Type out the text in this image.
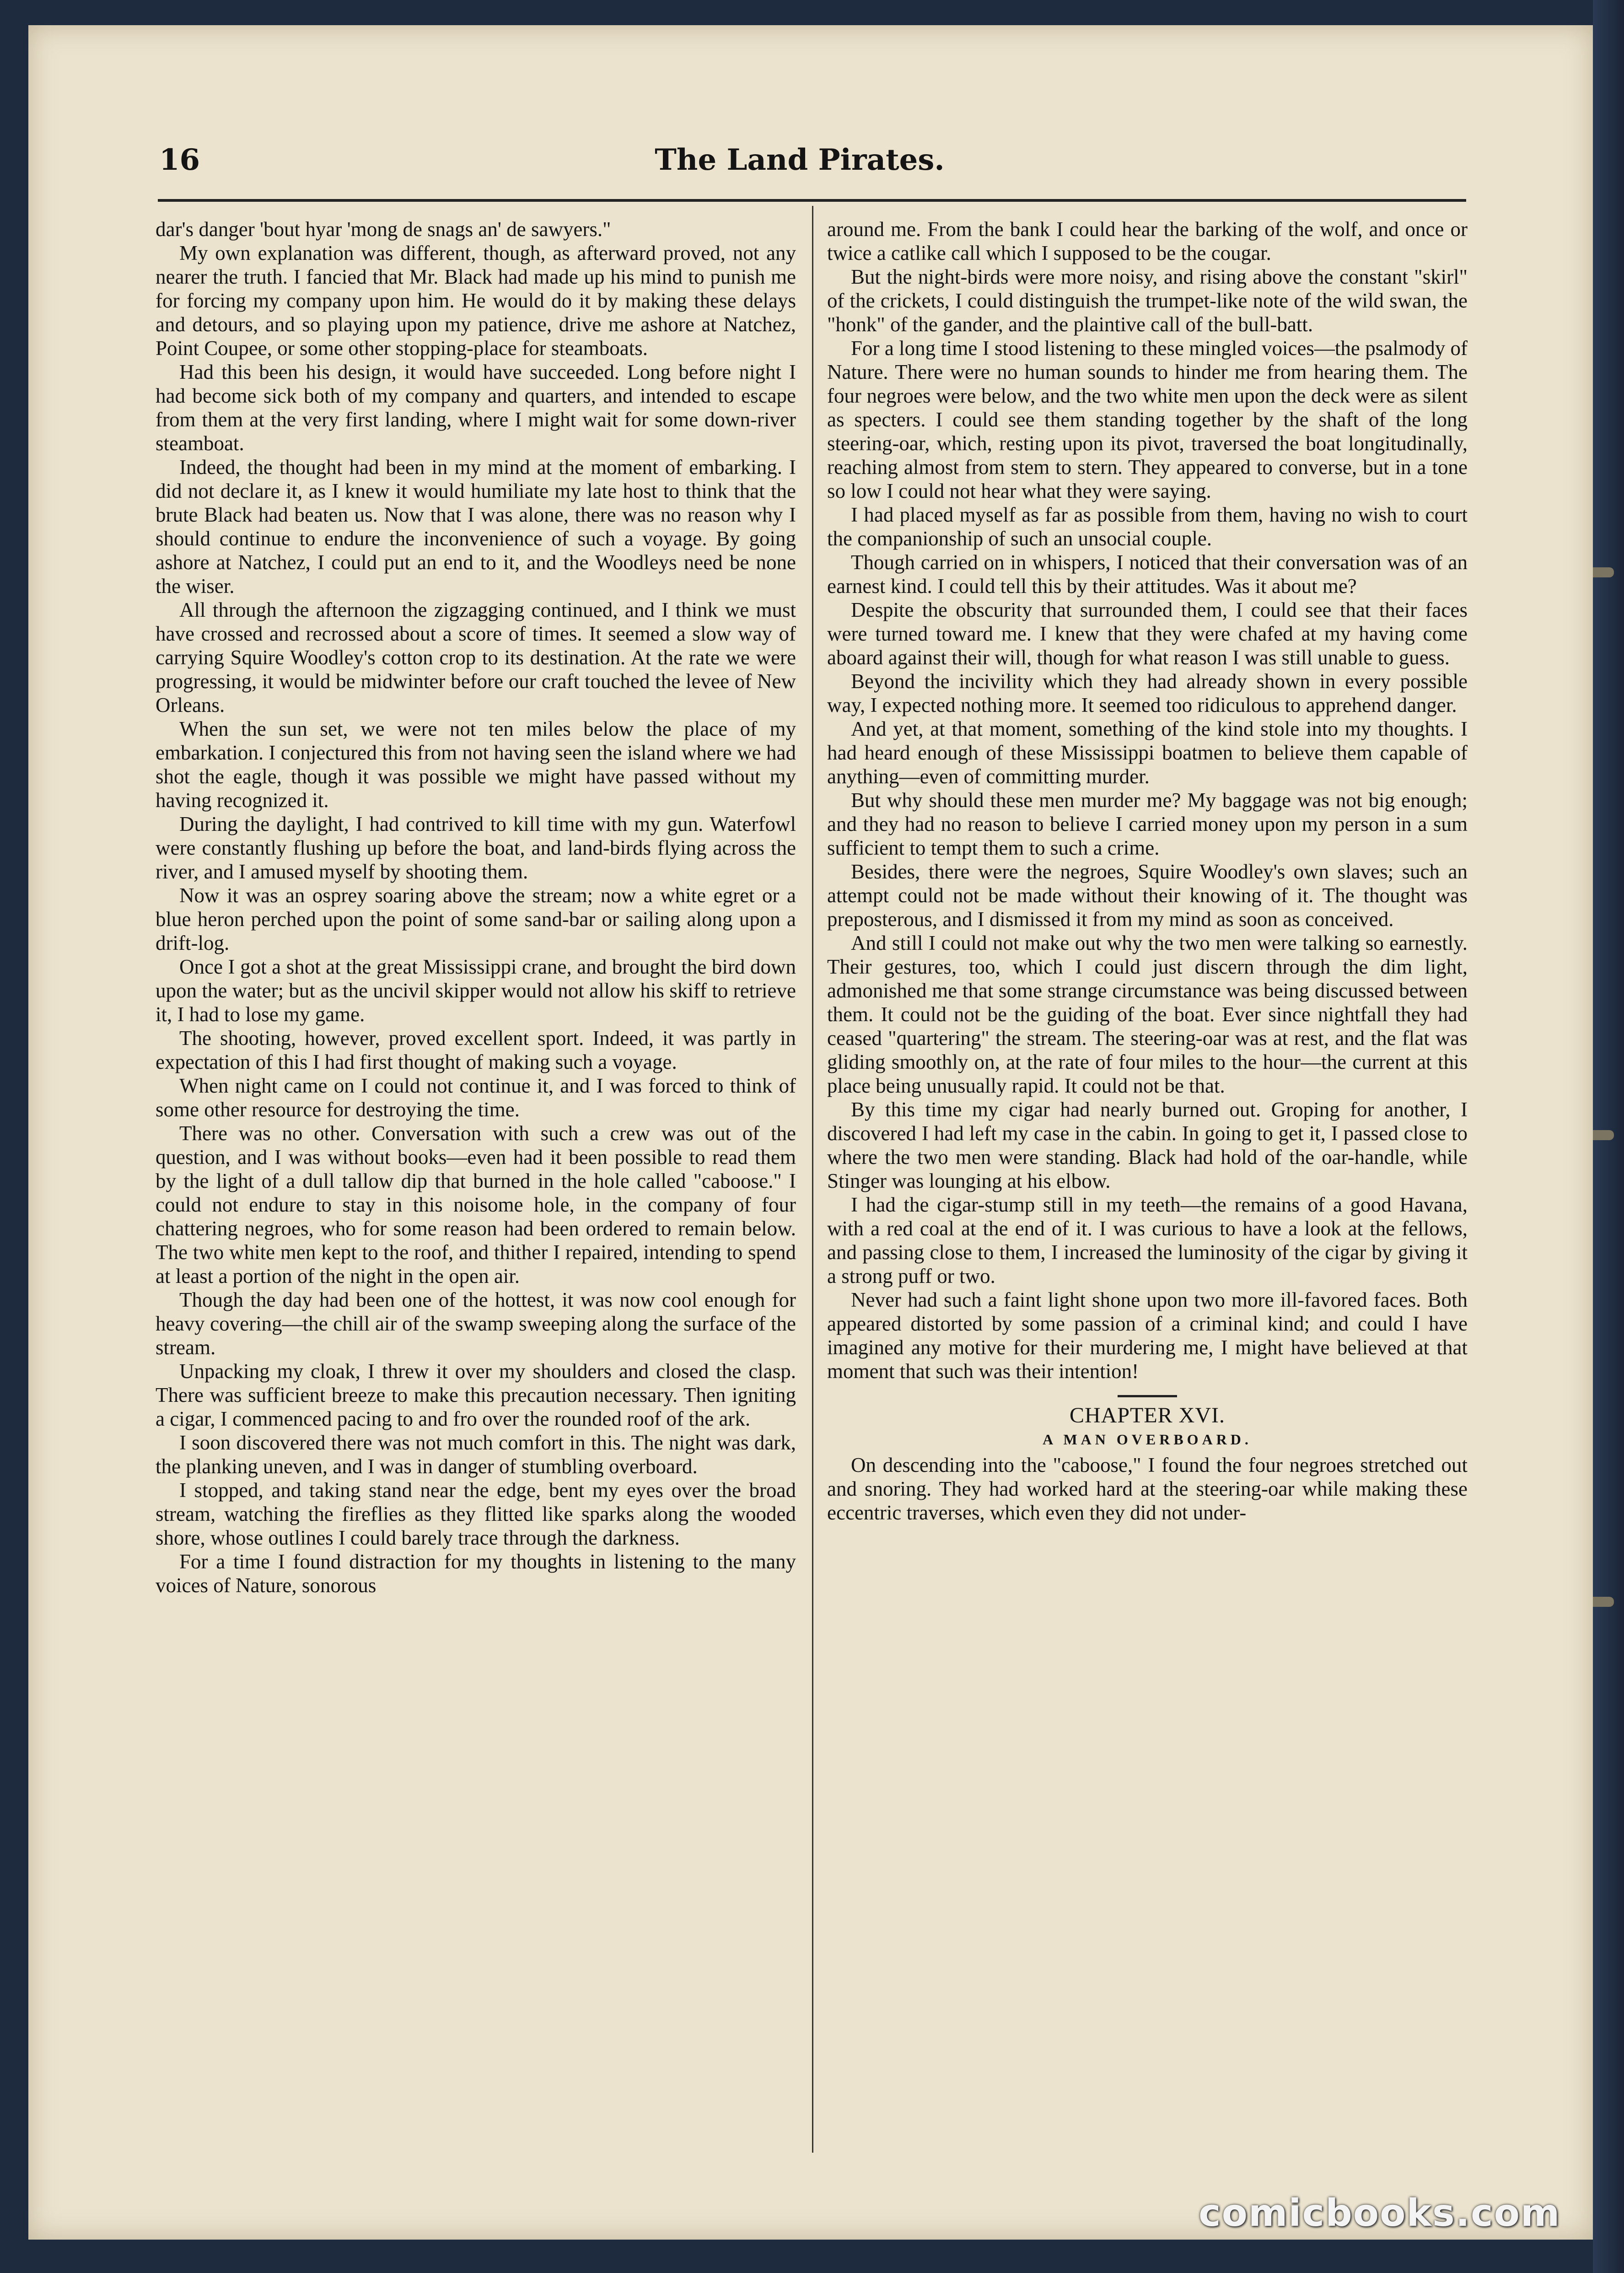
16	The Land Pirates.

dar's danger 'bout hyar 'mong de snags an' de sawyers."

My own explanation was different, though, as afterward proved, not any nearer the truth. I fancied that Mr. Black had made up his mind to punish me for forcing my company upon him. He would do it by making these delays and detours, and so playing upon my patience, drive me ashore at Natchez, Point Coupee, or some other stopping-place for steamboats.

Had this been his design, it would have succeeded. Long before night I had become sick both of my company and quarters, and intended to escape from them at the very first landing, where I might wait for some down-river steamboat.

Indeed, the thought had been in my mind at the moment of embarking. I did not declare it, as I knew it would humiliate my late host to think that the brute Black had beaten us. Now that I was alone, there was no reason why I should continue to endure the inconvenience of such a voyage. By going ashore at Natchez, I could put an end to it, and the Woodleys need be none the wiser.

All through the afternoon the zigzagging continued, and I think we must have crossed and recrossed about a score of times. It seemed a slow way of carrying Squire Woodley's cotton crop to its destination. At the rate we were progressing, it would be midwinter before our craft touched the levee of New Orleans.

When the sun set, we were not ten miles below the place of my embarkation. I conjectured this from not having seen the island where we had shot the eagle, though it was possible we might have passed without my having recognized it.

During the daylight, I had contrived to kill time with my gun. Waterfowl were constantly flushing up before the boat, and land-birds flying across the river, and I amused myself by shooting them.

Now it was an osprey soaring above the stream; now a white egret or a blue heron perched upon the point of some sand-bar or sailing along upon a drift-log.

Once I got a shot at the great Mississippi crane, and brought the bird down upon the water; but as the uncivil skipper would not allow his skiff to retrieve it, I had to lose my game.

The shooting, however, proved excellent sport. Indeed, it was partly in expectation of this I had first thought of making such a voyage.

When night came on I could not continue it, and I was forced to think of some other resource for destroying the time.

There was no other. Conversation with such a crew was out of the question, and I was without books—even had it been possible to read them by the light of a dull tallow dip that burned in the hole called "caboose." I could not endure to stay in this noisome hole, in the company of four chattering negroes, who for some reason had been ordered to remain below. The two white men kept to the roof, and thither I repaired, intending to spend at least a portion of the night in the open air.

Though the day had been one of the hottest, it was now cool enough for heavy covering—the chill air of the swamp sweeping along the surface of the stream.

Unpacking my cloak, I threw it over my shoulders and closed the clasp. There was sufficient breeze to make this precaution necessary. Then igniting a cigar, I commenced pacing to and fro over the rounded roof of the ark.

I soon discovered there was not much comfort in this. The night was dark, the planking uneven, and I was in danger of stumbling overboard.

I stopped, and taking stand near the edge, bent my eyes over the broad stream, watching the fireflies as they flitted like sparks along the wooded shore, whose outlines I could barely trace through the darkness.

For a time I found distraction for my thoughts in listening to the many voices of Nature, sonorous

around me. From the bank I could hear the barking of the wolf, and once or twice a catlike call which I supposed to be the cougar.

But the night-birds were more noisy, and rising above the constant "skirl" of the crickets, I could distinguish the trumpet-like note of the wild swan, the "honk" of the gander, and the plaintive call of the bull-batt.

For a long time I stood listening to these mingled voices—the psalmody of Nature. There were no human sounds to hinder me from hearing them. The four negroes were below, and the two white men upon the deck were as silent as specters. I could see them standing together by the shaft of the long steering-oar, which, resting upon its pivot, traversed the boat longitudinally, reaching almost from stem to stern. They appeared to converse, but in a tone so low I could not hear what they were saying.

I had placed myself as far as possible from them, having no wish to court the companionship of such an unsocial couple.

Though carried on in whispers, I noticed that their conversation was of an earnest kind. I could tell this by their attitudes. Was it about me?

Despite the obscurity that surrounded them, I could see that their faces were turned toward me. I knew that they were chafed at my having come aboard against their will, though for what reason I was still unable to guess.

Beyond the incivility which they had already shown in every possible way, I expected nothing more. It seemed too ridiculous to apprehend danger.

And yet, at that moment, something of the kind stole into my thoughts. I had heard enough of these Mississippi boatmen to believe them capable of anything—even of committing murder.

But why should these men murder me? My baggage was not big enough; and they had no reason to believe I carried money upon my person in a sum sufficient to tempt them to such a crime.

Besides, there were the negroes, Squire Woodley's own slaves; such an attempt could not be made without their knowing of it. The thought was preposterous, and I dismissed it from my mind as soon as conceived.

And still I could not make out why the two men were talking so earnestly. Their gestures, too, which I could just discern through the dim light, admonished me that some strange circumstance was being discussed between them. It could not be the guiding of the boat. Ever since nightfall they had ceased "quartering" the stream. The steering-oar was at rest, and the flat was gliding smoothly on, at the rate of four miles to the hour—the current at this place being unusually rapid. It could not be that.

By this time my cigar had nearly burned out. Groping for another, I discovered I had left my case in the cabin. In going to get it, I passed close to where the two men were standing. Black had hold of the oar-handle, while Stinger was lounging at his elbow.

I had the cigar-stump still in my teeth—the remains of a good Havana, with a red coal at the end of it. I was curious to have a look at the fellows, and passing close to them, I increased the luminosity of the cigar by giving it a strong puff or two.

Never had such a faint light shone upon two more ill-favored faces. Both appeared distorted by some passion of a criminal kind; and could I have imagined any motive for their murdering me, I might have believed at that moment that such was their intention!

CHAPTER XVI.
A MAN OVERBOARD.

On descending into the "caboose," I found the four negroes stretched out and snoring. They had worked hard at the steering-oar while making these eccentric traverses, which even they did not under-

comicbooks.com
